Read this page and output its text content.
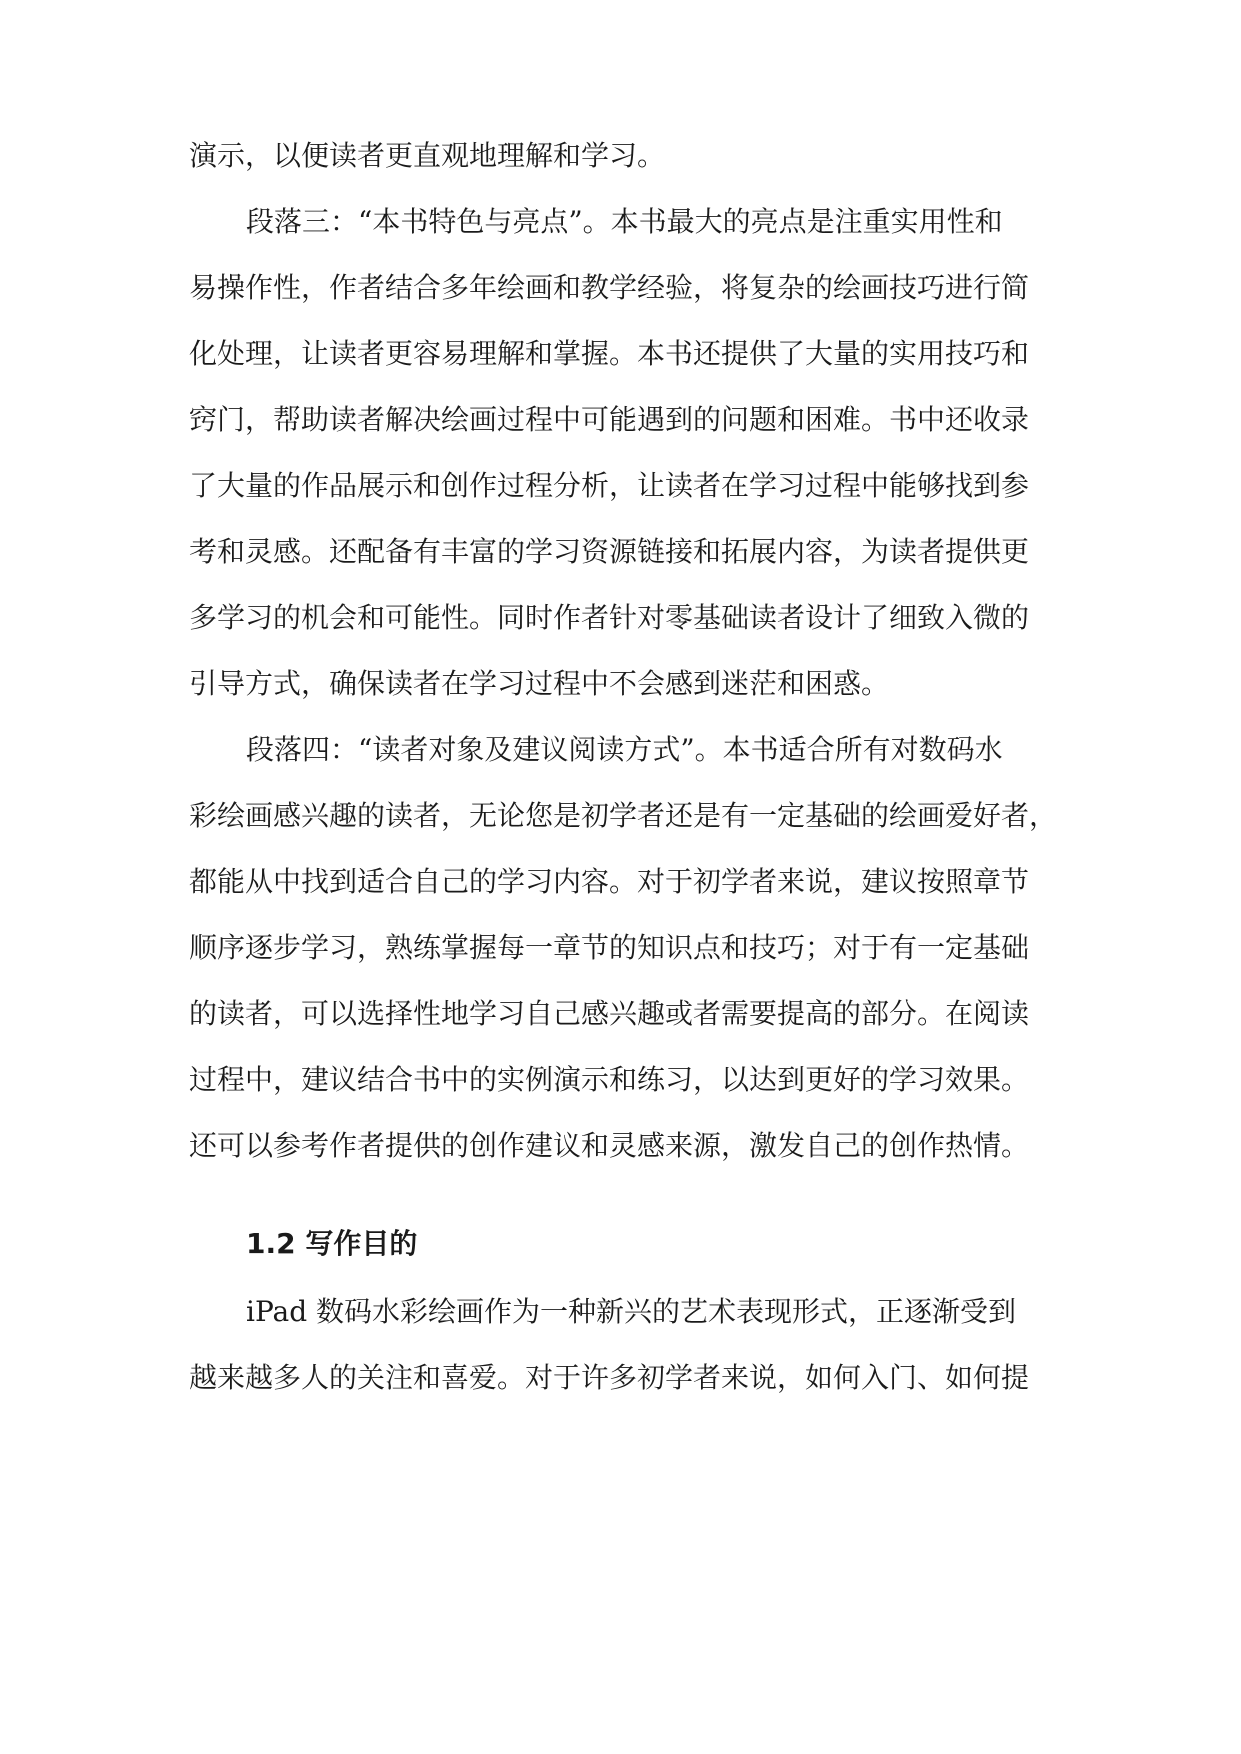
演示，以便读者更直观地理解和学习。
段落三：“本书特色与亮点”。本书最大的亮点是注重实用性和
易操作性，作者结合多年绘画和教学经验，将复杂的绘画技巧进行简
化处理，让读者更容易理解和掌握。本书还提供了大量的实用技巧和
窍门，帮助读者解决绘画过程中可能遇到的问题和困难。书中还收录
了大量的作品展示和创作过程分析，让读者在学习过程中能够找到参
考和灵感。还配备有丰富的学习资源链接和拓展内容，为读者提供更
多学习的机会和可能性。同时作者针对零基础读者设计了细致入微的
引导方式，确保读者在学习过程中不会感到迷茫和困惑。
段落四：“读者对象及建议阅读方式”。本书适合所有对数码水
彩绘画感兴趣的读者，无论您是初学者还是有一定基础的绘画爱好者，
都能从中找到适合自己的学习内容。对于初学者来说，建议按照章节
顺序逐步学习，熟练掌握每一章节的知识点和技巧；对于有一定基础
的读者，可以选择性地学习自己感兴趣或者需要提高的部分。在阅读
过程中，建议结合书中的实例演示和练习，以达到更好的学习效果。
还可以参考作者提供的创作建议和灵感来源，激发自己的创作热情。
1.2 写作目的
iPad 数码水彩绘画作为一种新兴的艺术表现形式，正逐渐受到
越来越多人的关注和喜爱。对于许多初学者来说，如何入门、如何提
